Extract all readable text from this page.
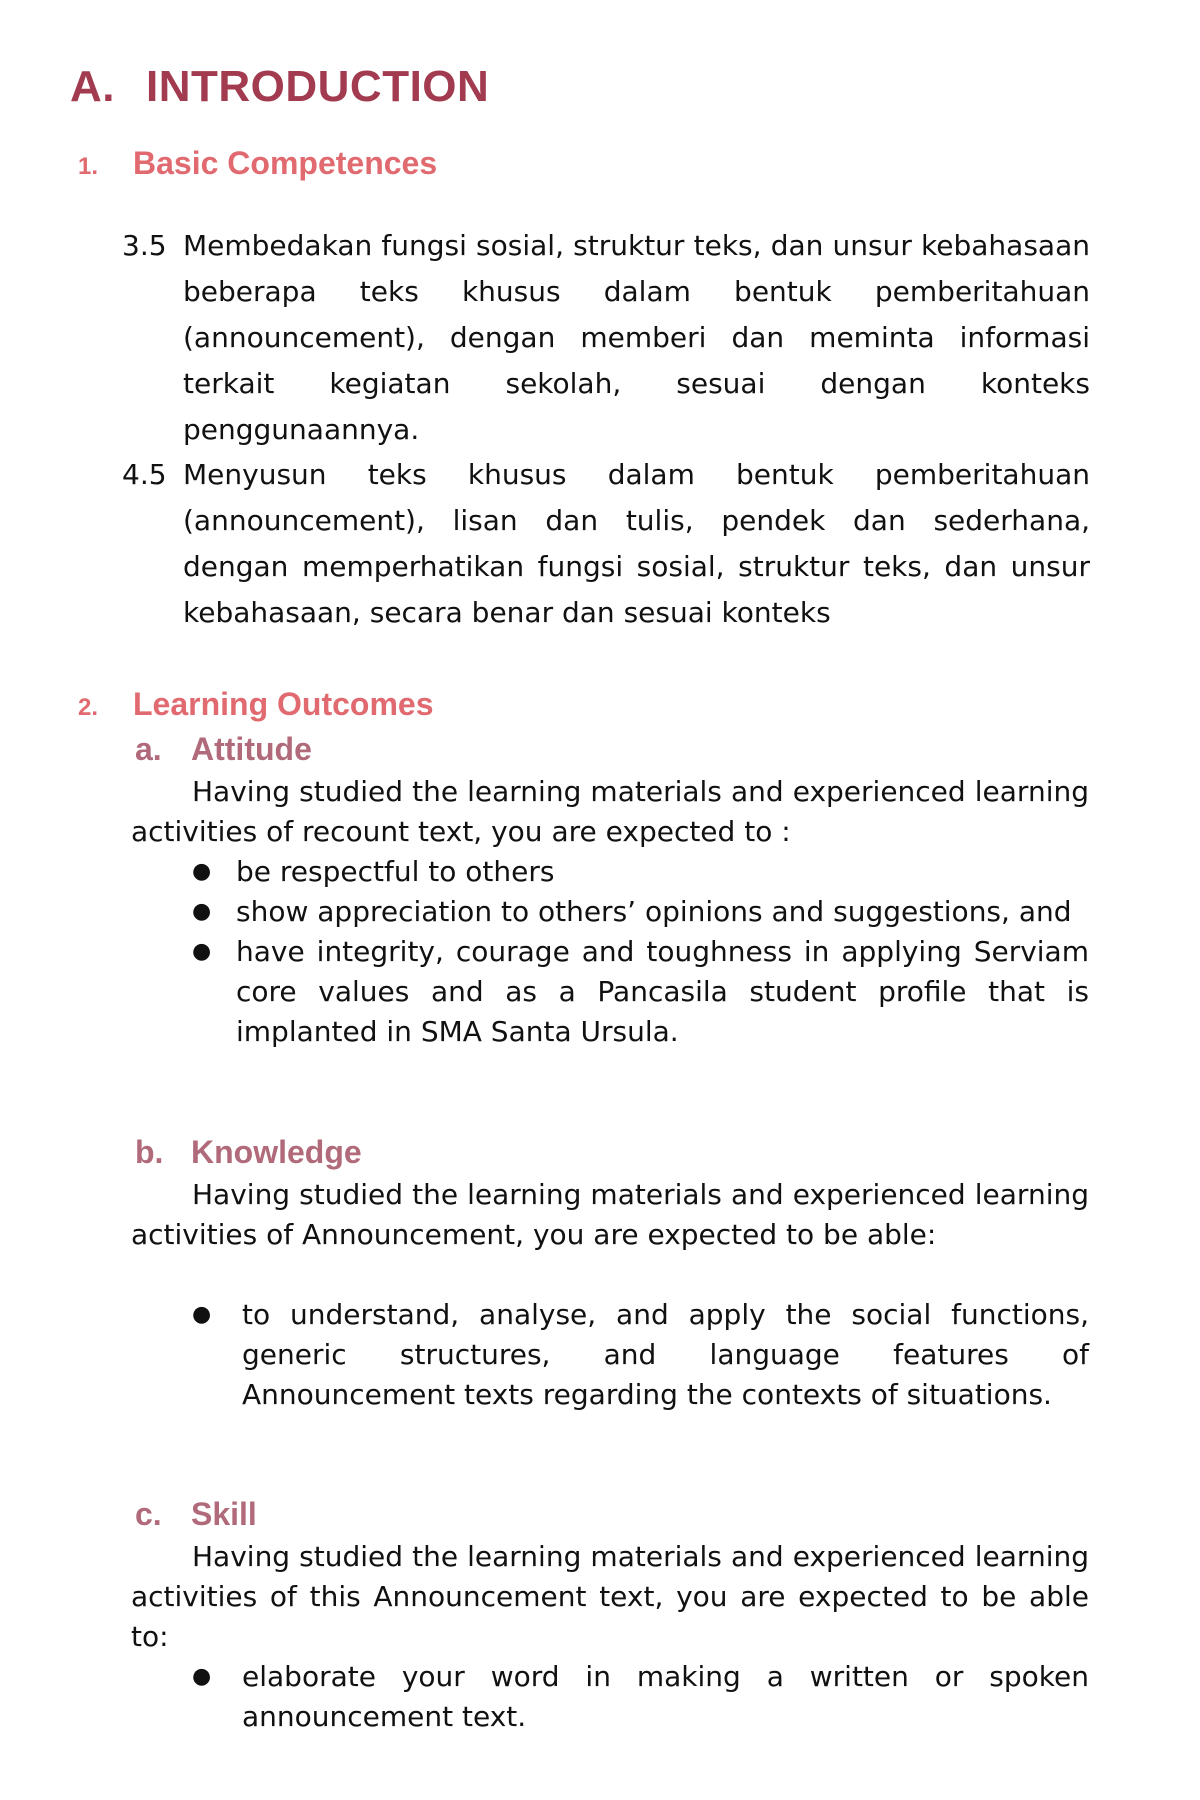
A. INTRODUCTION
1. Basic Competences
3.5 Membedakan fungsi sosial, struktur teks, dan unsur kebahasaan beberapa teks khusus dalam bentuk pemberitahuan (announcement), dengan memberi dan meminta informasi terkait kegiatan sekolah, sesuai dengan konteks penggunaannya.
4.5 Menyusun teks khusus dalam bentuk pemberitahuan (announcement), lisan dan tulis, pendek dan sederhana, dengan memperhatikan fungsi sosial, struktur teks, dan unsur kebahasaan, secara benar dan sesuai konteks
2. Learning Outcomes
a. Attitude
Having studied the learning materials and experienced learning activities of recount text, you are expected to :
● be respectful to others
● show appreciation to others’ opinions and suggestions, and
● have integrity, courage and toughness in applying Serviam core values and as a Pancasila student profile that is implanted in SMA Santa Ursula.
b. Knowledge
Having studied the learning materials and experienced learning activities of Announcement, you are expected to be able:
● to understand, analyse, and apply the social functions, generic structures, and language features of Announcement texts regarding the contexts of situations.
c. Skill
Having studied the learning materials and experienced learning activities of this Announcement text, you are expected to be able to:
● elaborate your word in making a written or spoken announcement text.
